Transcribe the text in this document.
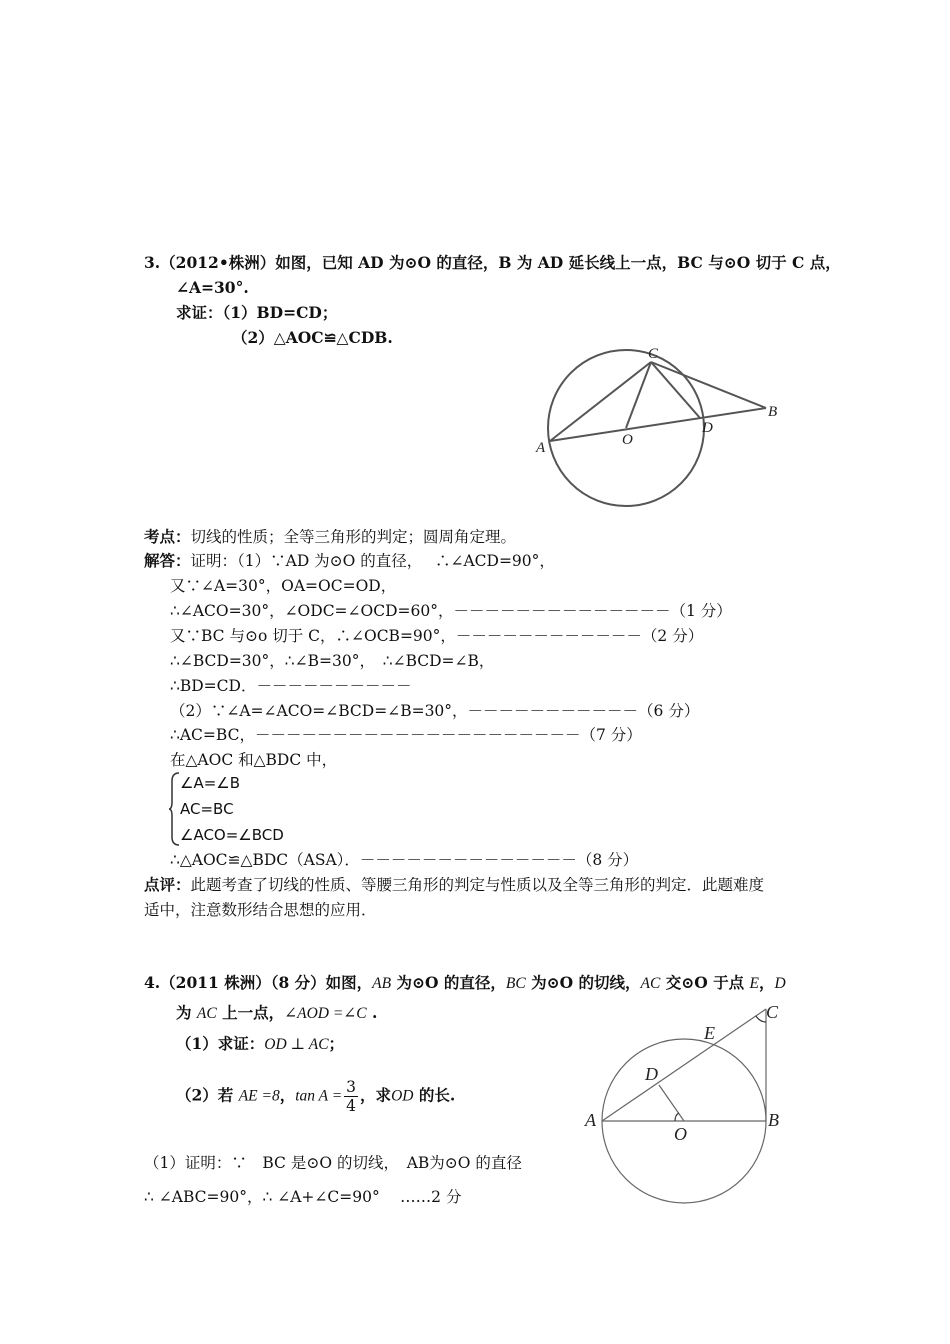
3.（2012•株洲）如图，已知 AD 为⊙O 的直径，B 为 AD 延长线上一点，BC 与⊙O 切于 C 点，
∠A=30°.
求证：（1）BD=CD；
（2）△AOC≌△CDB.
A	O
C
D
B
考点：切线的性质；全等三角形的判定；圆周角定理。
解答：证明：（1）∵AD 为⊙O 的直径，　 ∴∠ACD=90°，
又∵∠A=30°，OA=OC=OD，
∴∠ACO=30°，∠ODC=∠OCD=60°，－－－－－－－－－－－－－－（1 分）
又∵BC 与⊙o 切于 C，∴∠OCB=90°，－－－－－－－－－－－－（2 分）
∴∠BCD=30°，∴∠B=30°，　∴∠BCD=∠B，
∴BD=CD．－－－－－－－－－－
（2）∵∠A=∠ACO=∠BCD=∠B=30°，－－－－－－－－－－－（6 分）
∴AC=BC，－－－－－－－－－－－－－－－－－－－－－（7 分）
在△AOC 和△BDC 中，
∠A=∠B
AC=BC
∠ACO=∠BCD
∴△AOC≌△BDC（ASA）．－－－－－－－－－－－－－－（8 分）
点评：此题考查了切线的性质、等腰三角形的判定与性质以及全等三角形的判定．此题难度
适中，注意数形结合思想的应用．
4.（2011 株洲）（8 分）如图，AB 为⊙O 的直径，BC 为⊙O 的切线，AC 交⊙O 于点 E，D
为 AC 上一点，∠AOD =∠C .
（1）求证：OD ⊥ AC；
（2）若 AE =8，$\tan A = \frac{3}{4}$ ，求OD 的长.
A	B
C
D
E
O
（1）证明：∵　BC 是⊙O 的切线，　AB为⊙O 的直径
∴ ∠ABC=90°，∴ ∠A+∠C=90°　 ……2 分
